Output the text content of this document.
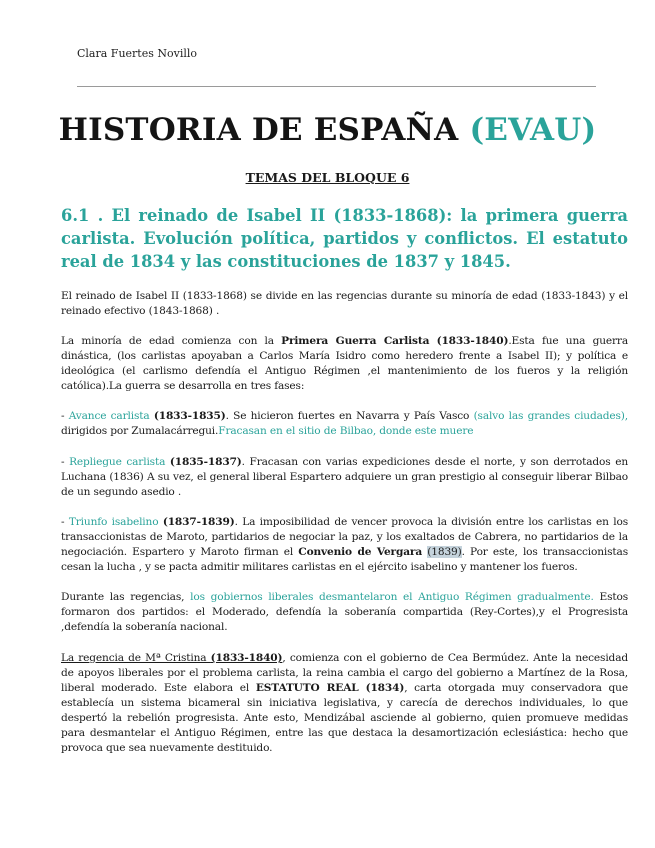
Clara Fuertes Novillo
HISTORIA DE ESPAÑA (EVAU)
TEMAS DEL BLOQUE 6
6.1 . El reinado de Isabel II (1833-1868): la primera guerra carlista. Evolución política, partidos y conflictos. El estatuto real de 1834 y las constituciones de 1837 y 1845.
El reinado de Isabel II (1833-1868) se divide en las regencias durante su minoría de edad (1833-1843) y el reinado efectivo (1843-1868) .
La minoría de edad comienza con la Primera Guerra Carlista (1833-1840).Esta fue una guerra dinástica, (los carlistas apoyaban a Carlos María Isidro como heredero frente a Isabel II); y política e ideológica (el carlismo defendía el Antiguo Régimen ,el mantenimiento de los fueros y la religión católica).La guerra se desarrolla en tres fases:
- Avance carlista (1833-1835). Se hicieron fuertes en Navarra y País Vasco (salvo las grandes ciudades), dirigidos por Zumalacárregui.Fracasan en el sitio de Bilbao, donde este muere
- Repliegue carlista (1835-1837). Fracasan con varias expediciones desde el norte, y son derrotados en Luchana (1836) A su vez, el general liberal Espartero adquiere un gran prestigio al conseguir liberar Bilbao de un segundo asedio .
- Triunfo isabelino (1837-1839). La imposibilidad de vencer provoca la división entre los carlistas en los transaccionistas de Maroto, partidarios de negociar la paz, y los exaltados de Cabrera, no partidarios de la negociación. Espartero y Maroto firman el Convenio de Vergara (1839). Por este, los transaccionistas cesan la lucha , y se pacta admitir militares carlistas en el ejército isabelino y mantener los fueros.
Durante las regencias, los gobiernos liberales desmantelaron el Antiguo Régimen gradualmente. Estos formaron dos partidos: el Moderado, defendía la soberanía compartida (Rey-Cortes),y el Progresista ,defendía la soberanía nacional.
La regencia de Mª Cristina (1833-1840), comienza con el gobierno de Cea Bermúdez. Ante la necesidad de apoyos liberales por el problema carlista, la reina cambia el cargo del gobierno a Martínez de la Rosa, liberal moderado. Este elabora el ESTATUTO REAL (1834), carta otorgada muy conservadora que establecía un sistema bicameral sin iniciativa legislativa, y carecía de derechos individuales, lo que despertó la rebelión progresista. Ante esto, Mendizábal asciende al gobierno, quien promueve medidas para desmantelar el Antiguo Régimen, entre las que destaca la desamortización eclesiástica: hecho que provoca que sea nuevamente destituido.
